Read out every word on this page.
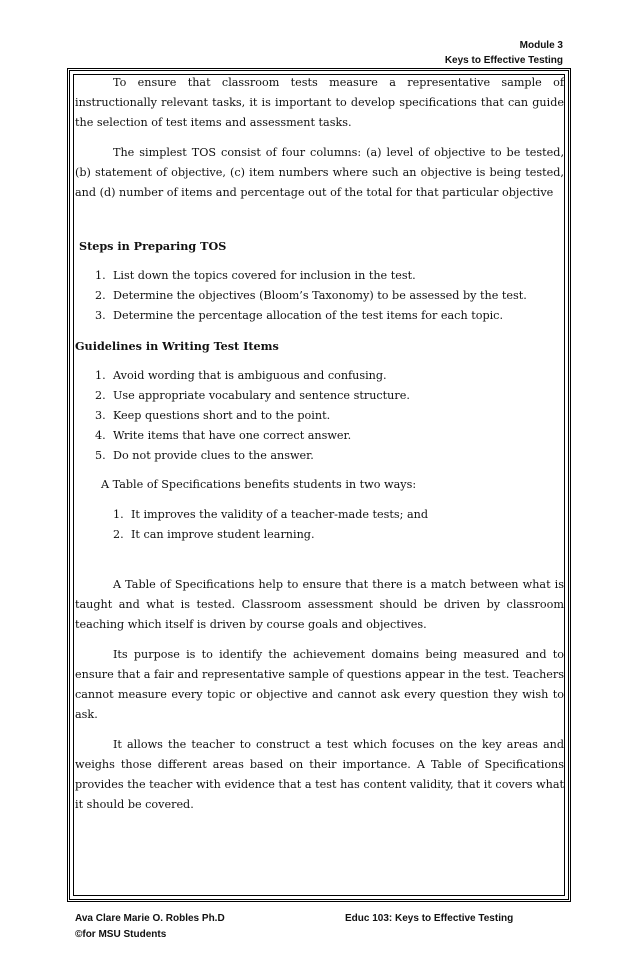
Module 3
Keys to Effective Testing

To ensure that classroom tests measure a representative sample of instructionally relevant tasks, it is important to develop specifications that can guide the selection of test items and assessment tasks.

The simplest TOS consist of four columns: (a) level of objective to be tested, (b) statement of objective, (c) item numbers where such an objective is being tested, and (d) number of items and percentage out of the total for that particular objective

Steps in Preparing TOS
1. List down the topics covered for inclusion in the test.
2. Determine the objectives (Bloom’s Taxonomy) to be assessed by the test.
3. Determine the percentage allocation of the test items for each topic.
Guidelines in Writing Test Items
1. Avoid wording that is ambiguous and confusing.
2. Use appropriate vocabulary and sentence structure.
3. Keep questions short and to the point.
4. Write items that have one correct answer.
5. Do not provide clues to the answer.
A Table of Specifications benefits students in two ways:
1. It improves the validity of a teacher-made tests; and
2. It can improve student learning.

A Table of Specifications help to ensure that there is a match between what is taught and what is tested. Classroom assessment should be driven by classroom teaching which itself is driven by course goals and objectives.

Its purpose is to identify the achievement domains being measured and to ensure that a fair and representative sample of questions appear in the test. Teachers cannot measure every topic or objective and cannot ask every question they wish to ask.

It allows the teacher to construct a test which focuses on the key areas and weighs those different areas based on their importance. A Table of Specifications provides the teacher with evidence that a test has content validity, that it covers what it should be covered.

Ava Clare Marie O. Robles Ph.D
©for MSU Students
Educ 103: Keys to Effective Testing
